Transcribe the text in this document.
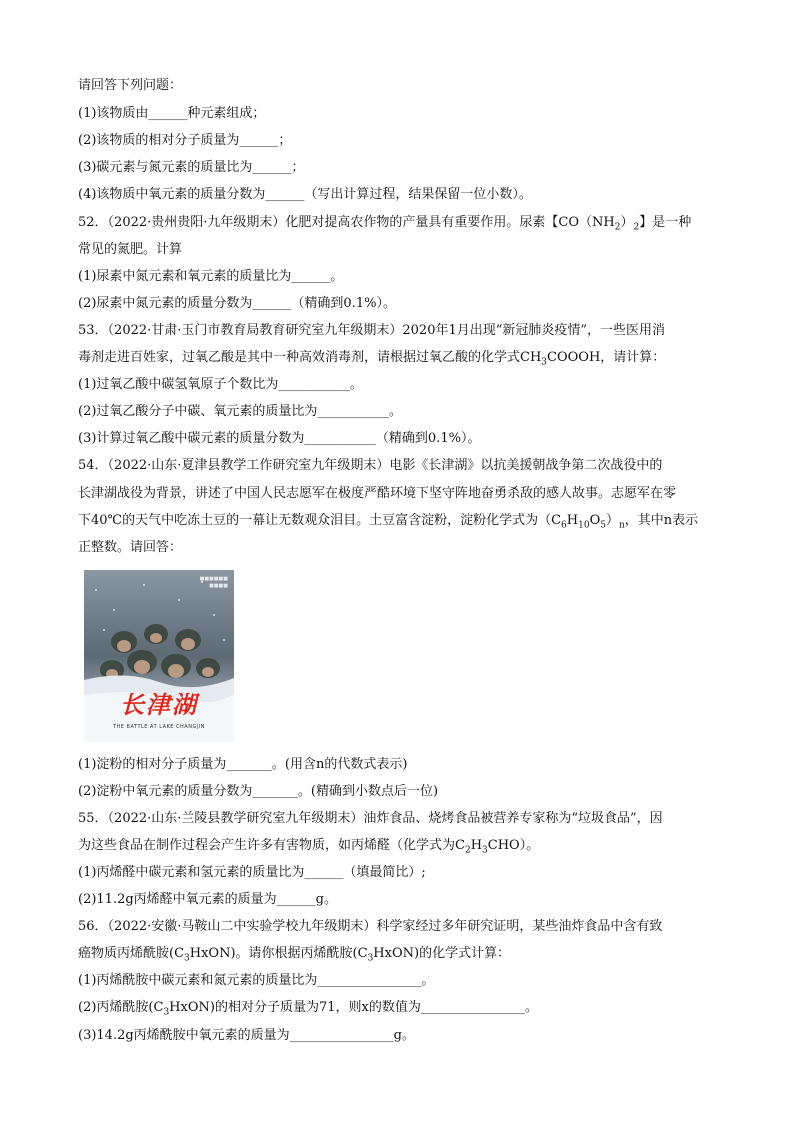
请回答下列问题：
(1)该物质由______种元素组成；
(2)该物质的相对分子质量为______；
(3)碳元素与氮元素的质量比为______；
(4)该物质中氧元素的质量分数为______（写出计算过程，结果保留一位小数）。
52．（2022·贵州贵阳·九年级期末）化肥对提高农作物的产量具有重要作用。尿素【$CO(NH_2)_2$】是一种
常见的氮肥。计算
(1)尿素中氮元素和氧元素的质量比为______。
(2)尿素中氮元素的质量分数为______（精确到0.1%）。
53．（2022·甘肃·玉门市教育局教育研究室九年级期末）2020年1月出现“新冠肺炎疫情”，一些医用消
毒剂走进百姓家，过氧乙酸是其中一种高效消毒剂，请根据过氧乙酸的化学式$CH_3COOOH$，请计算：
(1)过氧乙酸中碳氢氧原子个数比为___________。
(2)过氧乙酸分子中碳、氧元素的质量比为___________。
(3)计算过氧乙酸中碳元素的质量分数为___________（精确到0.1%）。
54．（2022·山东·夏津县教学工作研究室九年级期末）电影《长津湖》以抗美援朝战争第二次战役中的
长津湖战役为背景，讲述了中国人民志愿军在极度严酷环境下坚守阵地奋勇杀敌的感人故事。志愿军在零
下40℃的天气中吃冻土豆的一幕让无数观众泪目。土豆富含淀粉，淀粉化学式为$(C_6H_{10}O_5)_n$，其中n表示
正整数。请回答：
■■■■■■
■■■■
长津湖
THE BATTLE AT LAKE CHANGJIN
(1)淀粉的相对分子质量为_______。(用含n的代数式表示)
(2)淀粉中氧元素的质量分数为_______。(精确到小数点后一位)
55．（2022·山东·兰陵县教学研究室九年级期末）油炸食品、烧烤食品被营养专家称为“垃圾食品”，因
为这些食品在制作过程会产生许多有害物质，如丙烯醛（化学式为$C_2H_3CHO$）。
(1)丙烯醛中碳元素和氢元素的质量比为______（填最简比）;
(2)11.2g丙烯醛中氧元素的质量为______g。
56．（2022·安徽·马鞍山二中实验学校九年级期末）科学家经过多年研究证明，某些油炸食品中含有致
癌物质丙烯酰胺$(C_3HxON)$。请你根据丙烯酰胺$(C_3HxON)$的化学式计算：
(1)丙烯酰胺中碳元素和氮元素的质量比为________________。
(2)丙烯酰胺$(C_3HxON)$的相对分子质量为71，则x的数值为________________。
(3)14.2g丙烯酰胺中氧元素的质量为________________g。
